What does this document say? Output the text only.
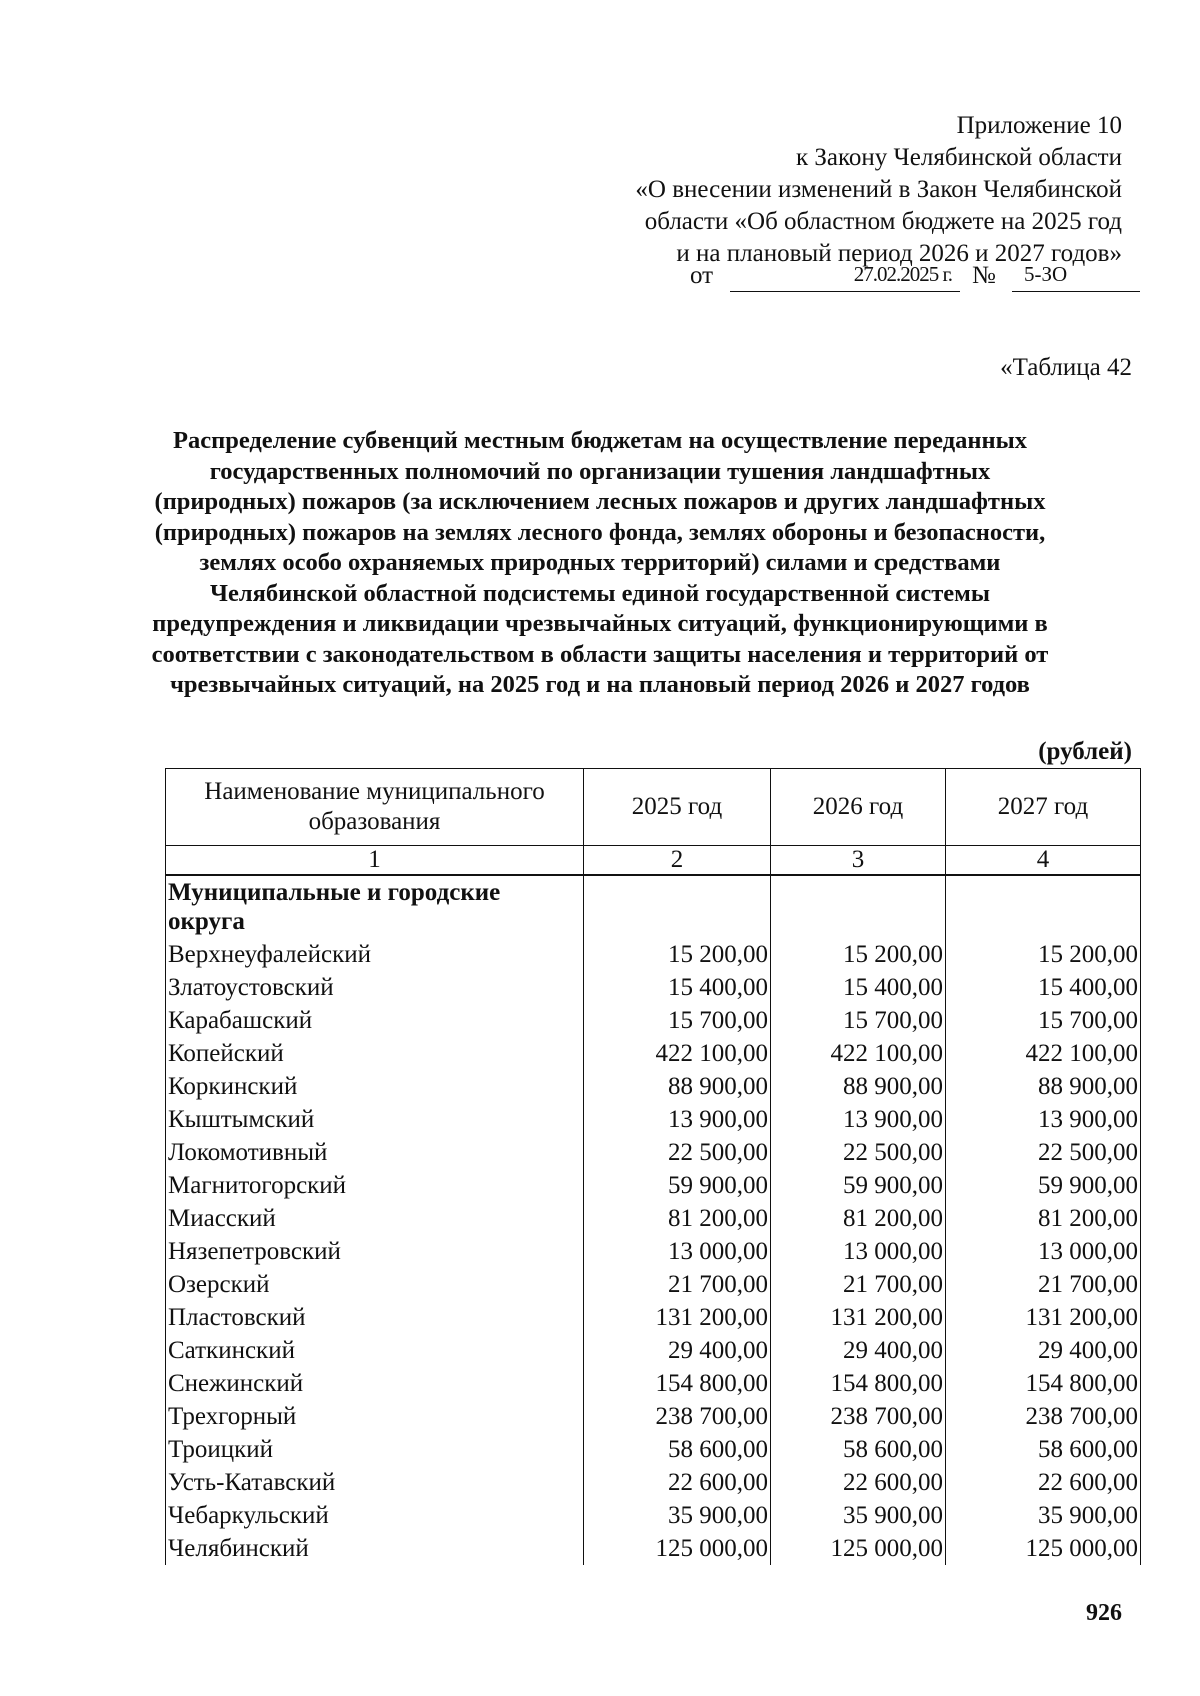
Приложение 10
к Закону Челябинской области
«О внесении изменений в Закон Челябинской
области «Об областном бюджете на 2025 год
и на плановый период 2026 и 2027 годов»
от	27.02.2025 г. №	5-ЗО
«Таблица 42
Распределение субвенций местным бюджетам на осуществление переданных
государственных полномочий по организации тушения ландшафтных
(природных) пожаров (за исключением лесных пожаров и других ландшафтных
(природных) пожаров на землях лесного фонда, землях обороны и безопасности,
землях особо охраняемых природных территорий) силами и средствами
Челябинской областной подсистемы единой государственной системы
предупреждения и ликвидации чрезвычайных ситуаций, функционирующими в
соответствии с законодательством в области защиты населения и территорий от
чрезвычайных ситуаций, на 2025 год и на плановый период 2026 и 2027 годов
(рублей)
Наименование муниципального образования	2025 год	2026 год	2027 год
1	2	3	4
Муниципальные и городские округа			
Верхнеуфалейский	15 200,00	15 200,00	15 200,00
Златоустовский	15 400,00	15 400,00	15 400,00
Карабашский	15 700,00	15 700,00	15 700,00
Копейский	422 100,00	422 100,00	422 100,00
Коркинский	88 900,00	88 900,00	88 900,00
Кыштымский	13 900,00	13 900,00	13 900,00
Локомотивный	22 500,00	22 500,00	22 500,00
Магнитогорский	59 900,00	59 900,00	59 900,00
Миасский	81 200,00	81 200,00	81 200,00
Нязепетровский	13 000,00	13 000,00	13 000,00
Озерский	21 700,00	21 700,00	21 700,00
Пластовский	131 200,00	131 200,00	131 200,00
Саткинский	29 400,00	29 400,00	29 400,00
Снежинский	154 800,00	154 800,00	154 800,00
Трехгорный	238 700,00	238 700,00	238 700,00
Троицкий	58 600,00	58 600,00	58 600,00
Усть-Катавский	22 600,00	22 600,00	22 600,00
Чебаркульский	35 900,00	35 900,00	35 900,00
Челябинский	125 000,00	125 000,00	125 000,00
926
